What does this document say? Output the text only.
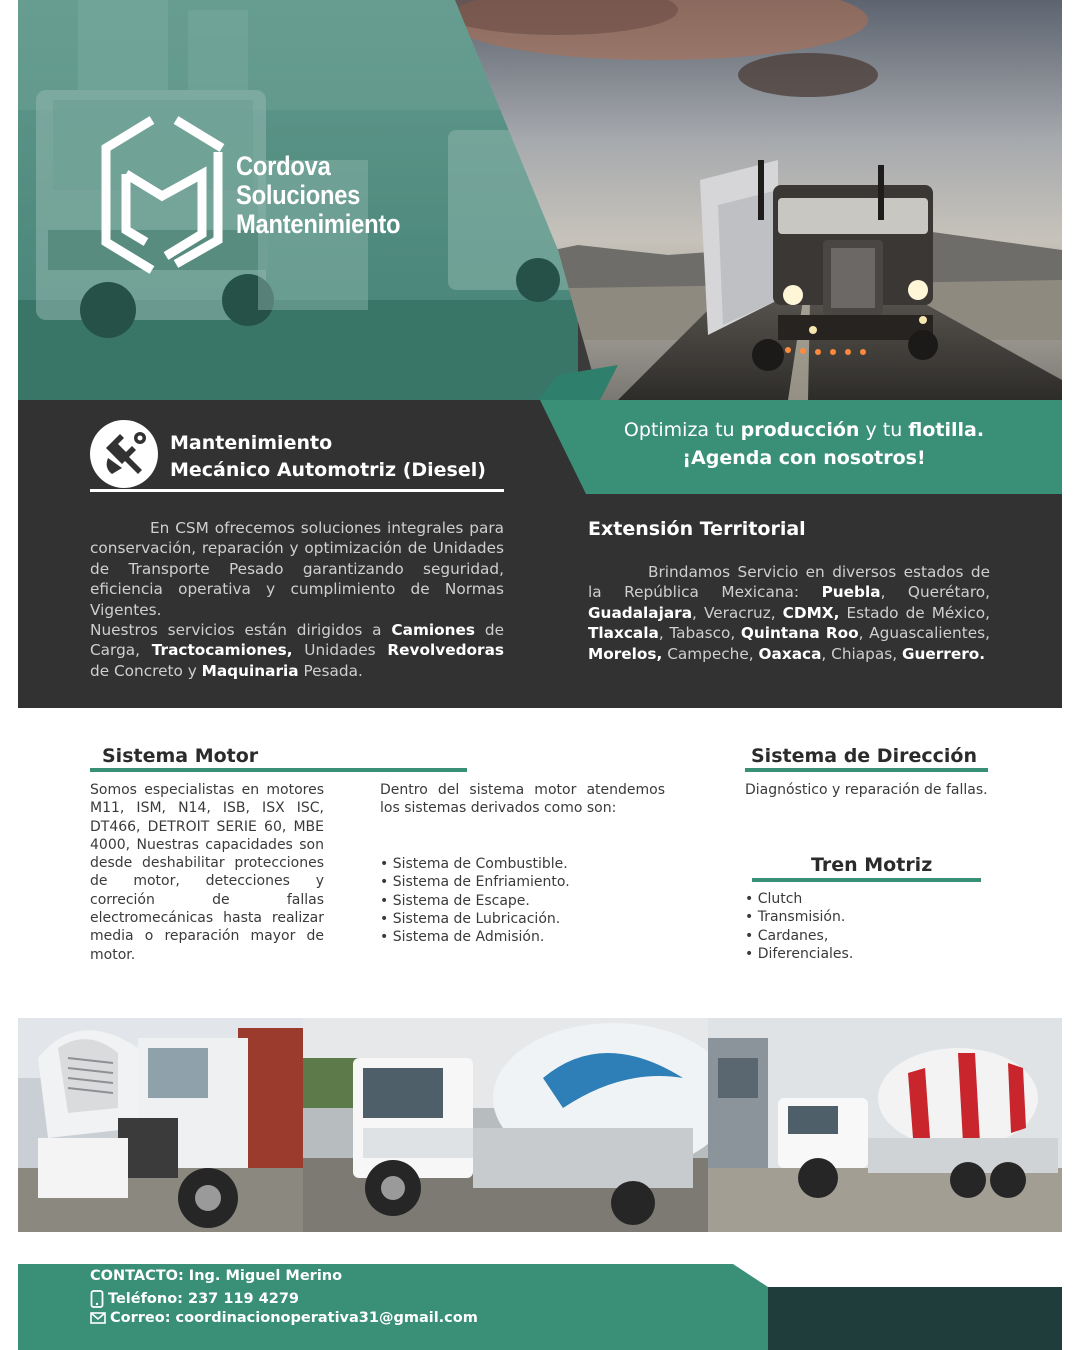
Cordova
Soluciones
Mantenimiento
Optimiza tu producción y tu flotilla.
¡Agenda con nosotros!
Mantenimiento
Mecánico Automotriz (Diesel)
En CSM ofrecemos soluciones integrales para conservación, reparación y optimización de Unidades de Transporte Pesado garantizando seguridad, eficiencia operativa y cumplimiento de Normas Vigentes.
Nuestros servicios están dirigidos a Camiones de Carga, Tractocamiones, Unidades Revolvedoras de Concreto y Maquinaria Pesada.
Extensión Territorial
Brindamos Servicio en diversos estados de la República Mexicana: Puebla, Querétaro, Guadalajara, Veracruz, CDMX, Estado de México, Tlaxcala, Tabasco, Quintana Roo, Aguascalientes, Morelos, Campeche, Oaxaca, Chiapas, Guerrero.
Sistema Motor
Somos especialistas en motores M11, ISM, N14, ISB, ISX ISC, DT466, DETROIT SERIE 60, MBE 4000, Nuestras capacidades son desde deshabilitar protecciones de motor, detecciones y correción de fallas electromecánicas hasta realizar media o reparación mayor de motor.
Dentro del sistema motor atendemos los sistemas derivados como son:
• Sistema de Combustible.
• Sistema de Enfriamiento.
• Sistema de Escape.
• Sistema de Lubricación.
• Sistema de Admisión.
Sistema de Dirección
Diagnóstico y reparación de fallas.
Tren Motriz
• Clutch
• Transmisión.
• Cardanes,
• Diferenciales.
CONTACTO: Ing. Miguel Merino
Teléfono: 237 119 4279
Correo: coordinacionoperativa31@gmail.com
